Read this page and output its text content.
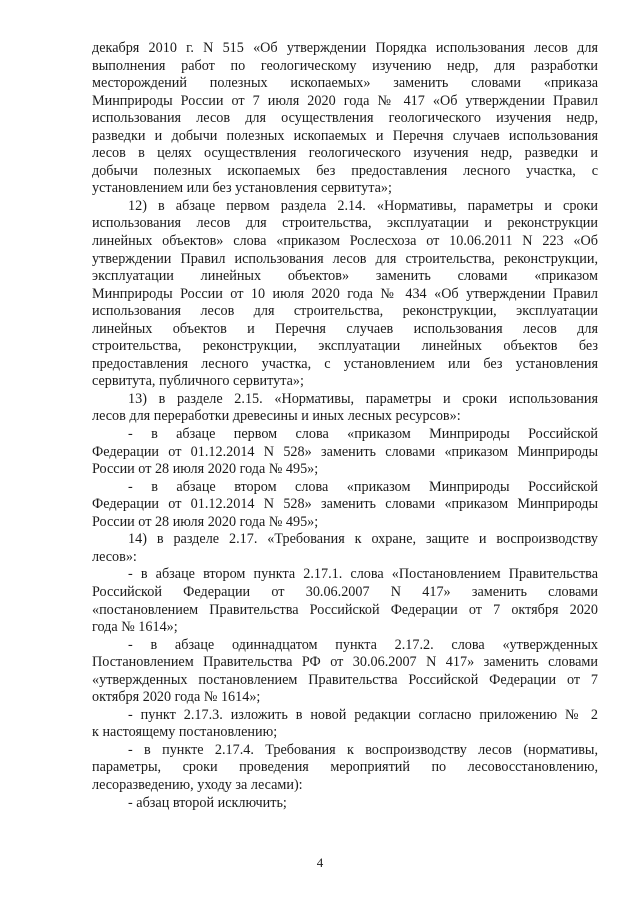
декабря 2010 г. N 515 «Об утверждении Порядка использования лесов для
выполнения работ по геологическому изучению недр, для разработки
месторождений полезных ископаемых» заменить словами «приказа
Минприроды России от 7 июля 2020 года № 417 «Об утверждении Правил
использования лесов для осуществления геологического изучения недр,
разведки и добычи полезных ископаемых и Перечня случаев использования
лесов в целях осуществления геологического изучения недр, разведки и
добычи полезных ископаемых без предоставления лесного участка, с
установлением или без установления сервитута»;
12) в абзаце первом раздела 2.14. «Нормативы, параметры и сроки
использования лесов для строительства, эксплуатации и реконструкции
линейных объектов» слова «приказом Рослесхоза от 10.06.2011 N 223 «Об
утверждении Правил использования лесов для строительства, реконструкции,
эксплуатации линейных объектов» заменить словами «приказом
Минприроды России от 10 июля 2020 года № 434 «Об утверждении Правил
использования лесов для строительства, реконструкции, эксплуатации
линейных объектов и Перечня случаев использования лесов для
строительства, реконструкции, эксплуатации линейных объектов без
предоставления лесного участка, с установлением или без установления
сервитута, публичного сервитута»;
13) в разделе 2.15. «Нормативы, параметры и сроки использования
лесов для переработки древесины и иных лесных ресурсов»:
- в абзаце первом слова «приказом Минприроды Российской
Федерации от 01.12.2014 N 528» заменить словами «приказом Минприроды
России от 28 июля 2020 года № 495»;
- в абзаце втором слова «приказом Минприроды Российской
Федерации от 01.12.2014 N 528» заменить словами «приказом Минприроды
России от 28 июля 2020 года № 495»;
14) в разделе 2.17. «Требования к охране, защите и воспроизводству
лесов»:
- в абзаце втором пункта 2.17.1. слова «Постановлением Правительства
Российской Федерации от 30.06.2007 N 417» заменить словами
«постановлением Правительства Российской Федерации от 7 октября 2020
года № 1614»;
- в абзаце одиннадцатом пункта 2.17.2. слова «утвержденных
Постановлением Правительства РФ от 30.06.2007 N 417» заменить словами
«утвержденных постановлением Правительства Российской Федерации от 7
октября 2020 года № 1614»;
- пункт 2.17.3. изложить в новой редакции согласно приложению № 2
к настоящему постановлению;
- в пункте 2.17.4. Требования к воспроизводству лесов (нормативы,
параметры, сроки проведения мероприятий по лесовосстановлению,
лесоразведению, уходу за лесами):
- абзац второй исключить;
4
